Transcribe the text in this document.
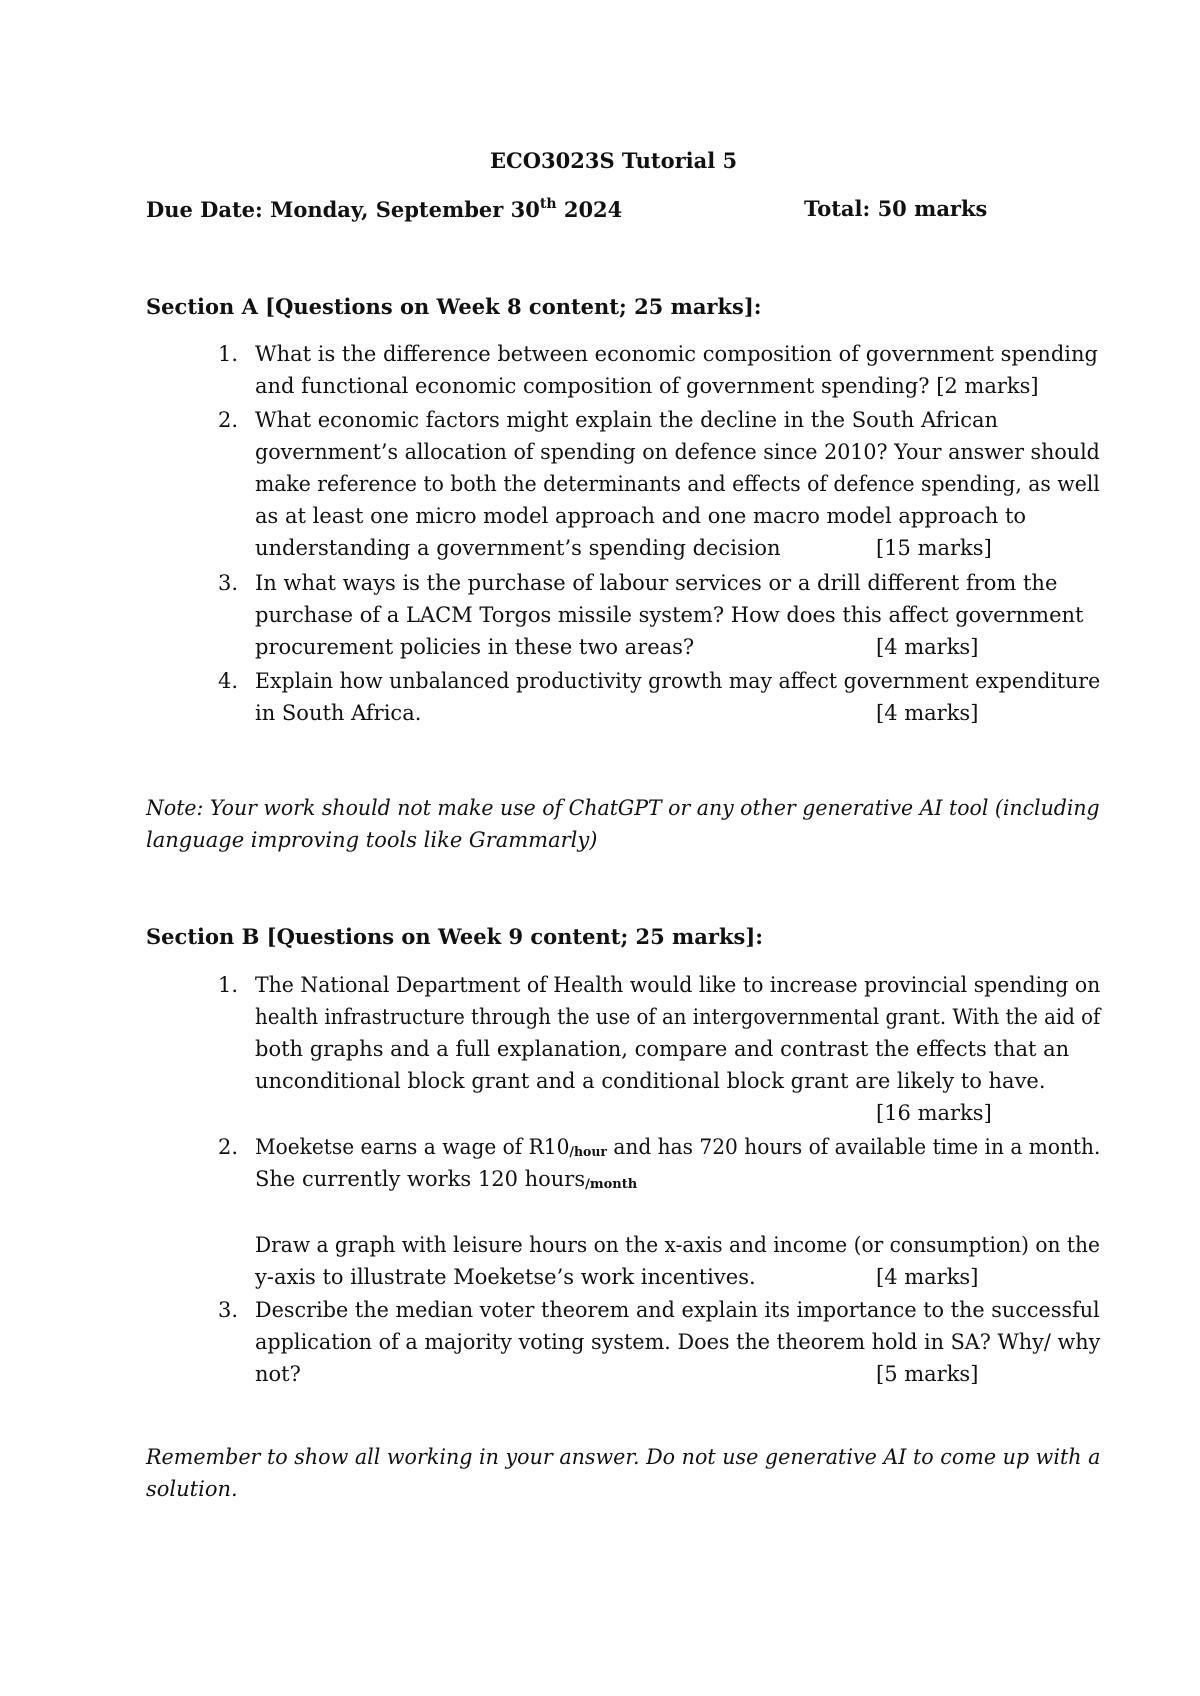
ECO3023S Tutorial 5
Due Date: Monday, September 30th 2024	Total: 50 marks
Section A [Questions on Week 8 content; 25 marks]:
1. What is the difference between economic composition of government spending
and functional economic composition of government spending? [2 marks]
2. What economic factors might explain the decline in the South African
government’s allocation of spending on defence since 2010? Your answer should
make reference to both the determinants and effects of defence spending, as well
as at least one micro model approach and one macro model approach to
understanding a government’s spending decision	[15 marks]
3. In what ways is the purchase of labour services or a drill different from the
purchase of a LACM Torgos missile system? How does this affect government
procurement policies in these two areas?	[4 marks]
4. Explain how unbalanced productivity growth may affect government expenditure
in South Africa.	[4 marks]
Note: Your work should not make use of ChatGPT or any other generative AI tool (including
language improving tools like Grammarly)
Section B [Questions on Week 9 content; 25 marks]:
1. The National Department of Health would like to increase provincial spending on
health infrastructure through the use of an intergovernmental grant. With the aid of
both graphs and a full explanation, compare and contrast the effects that an
unconditional block grant and a conditional block grant are likely to have.
[16 marks]
2. Moeketse earns a wage of R10/hour and has 720 hours of available time in a month.
She currently works 120 hours/month
Draw a graph with leisure hours on the x-axis and income (or consumption) on the
y-axis to illustrate Moeketse’s work incentives.	[4 marks]
3. Describe the median voter theorem and explain its importance to the successful
application of a majority voting system. Does the theorem hold in SA? Why/ why
not?	[5 marks]
Remember to show all working in your answer. Do not use generative AI to come up with a
solution.
